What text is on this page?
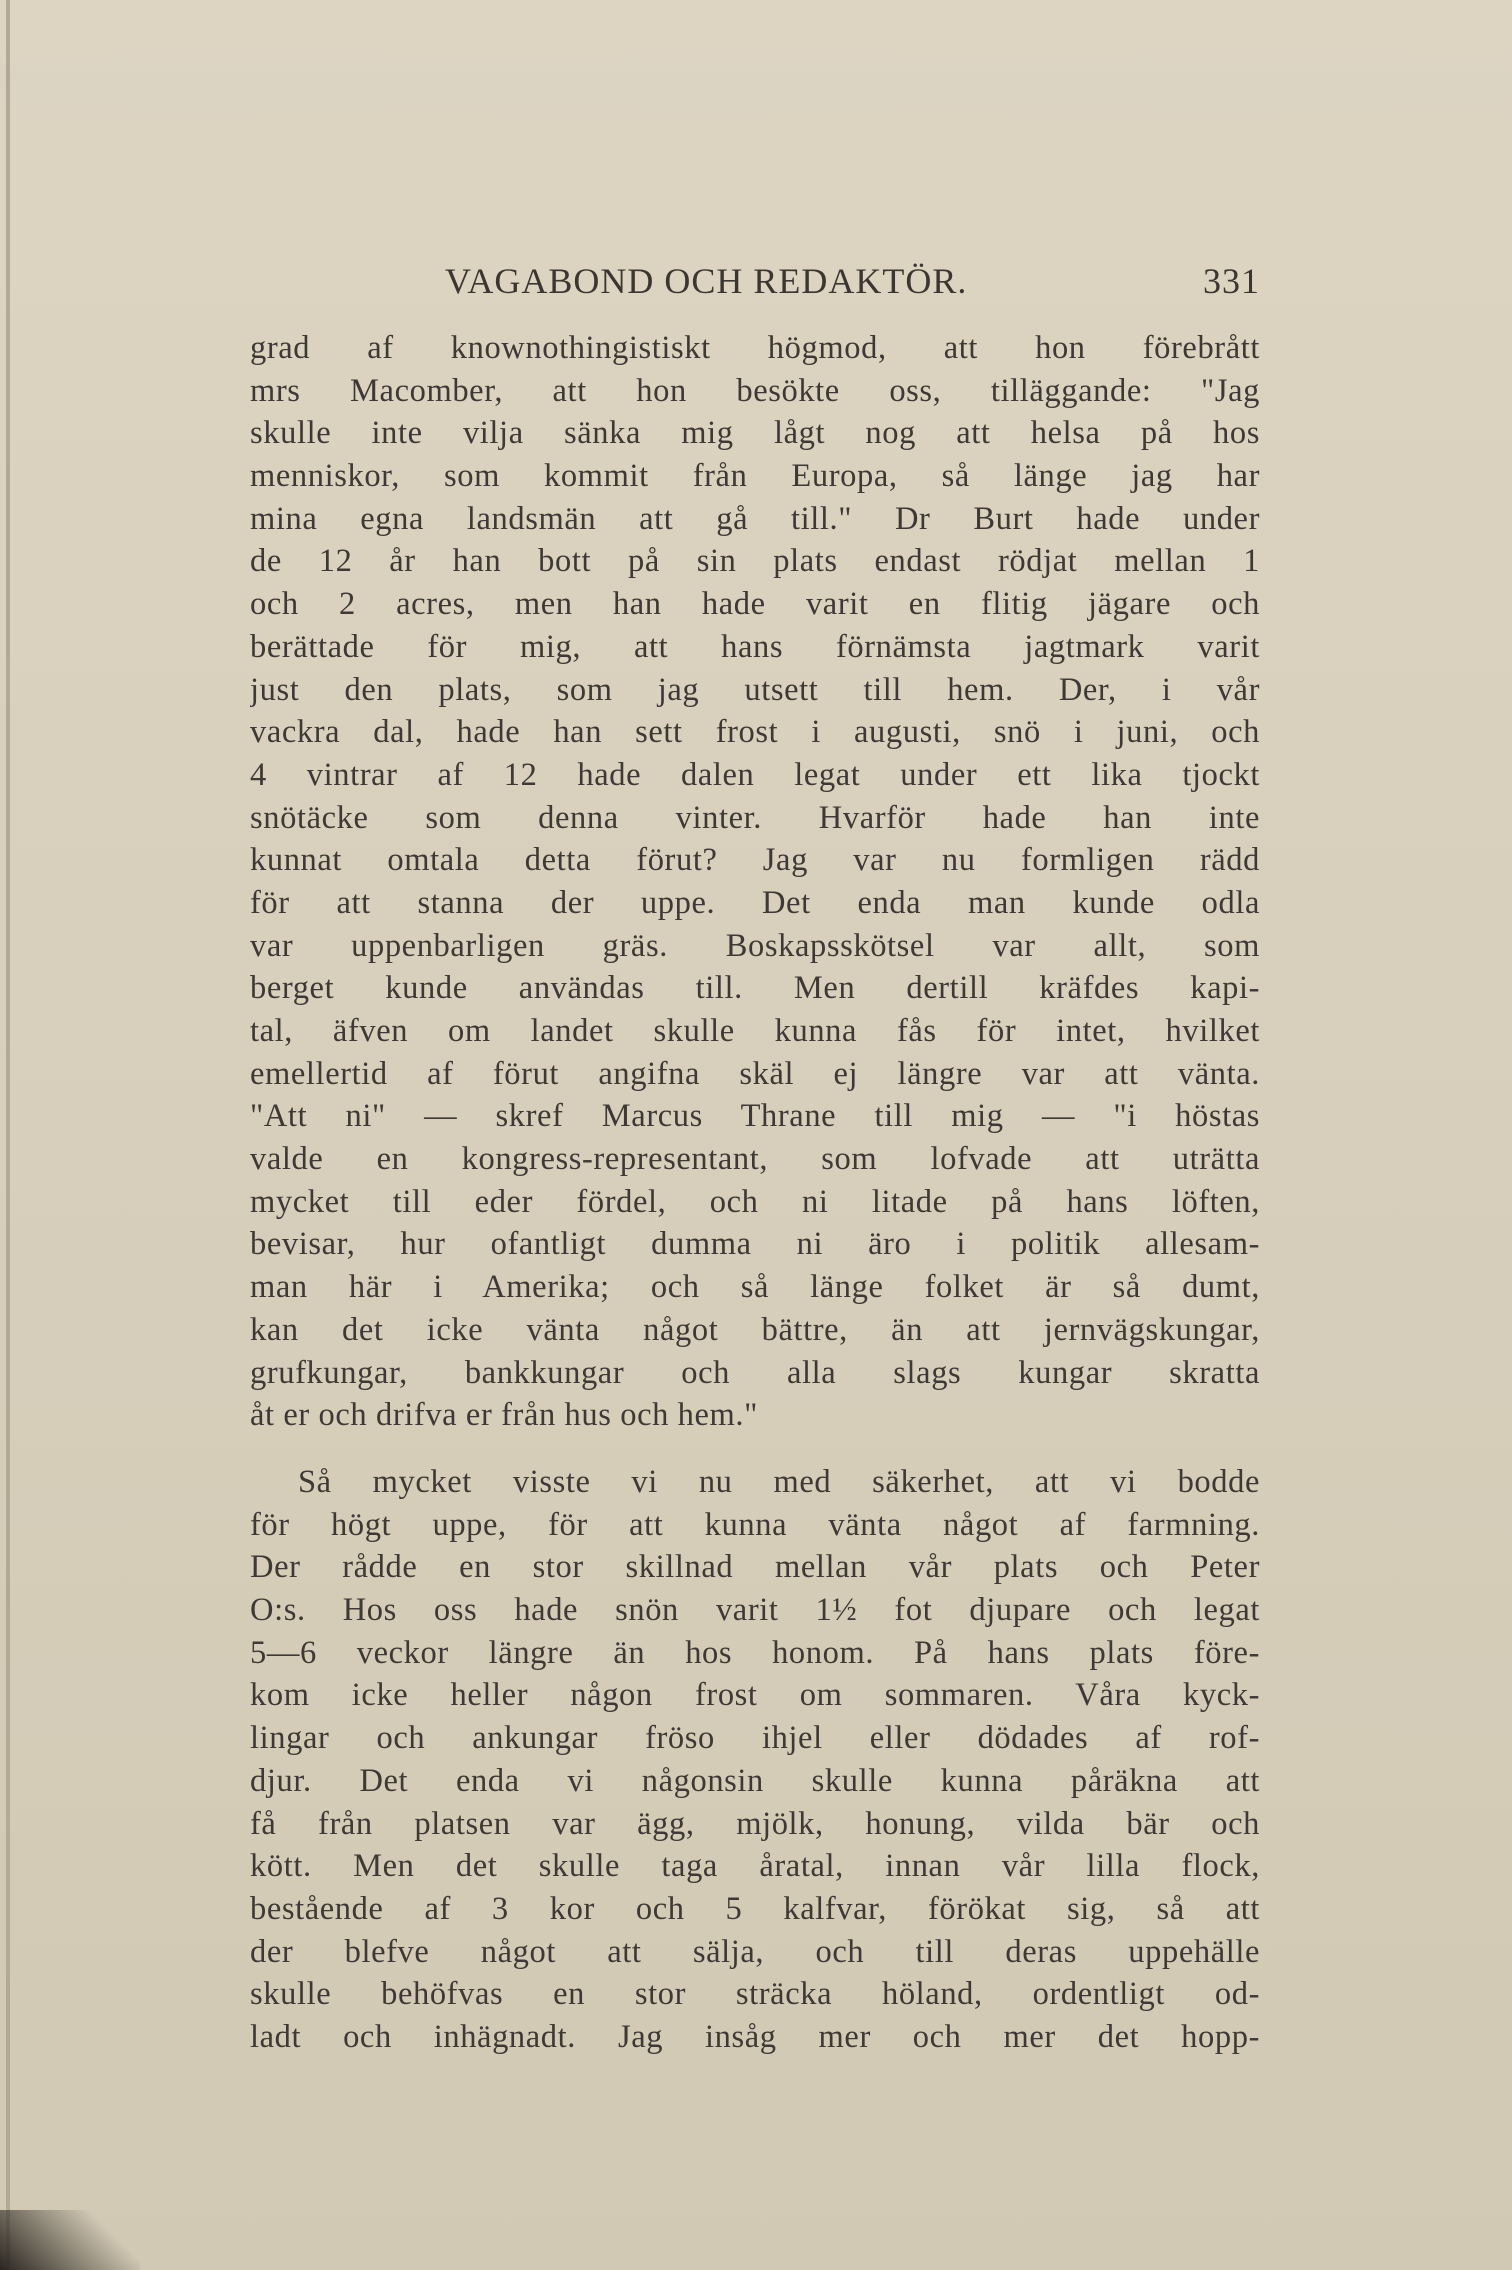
VAGABOND OCH REDAKTÖR.	331
grad af knownothingistiskt högmod, att hon förebrått
mrs Macomber, att hon besökte oss, tilläggande: "Jag
skulle inte vilja sänka mig lågt nog att helsa på hos
menniskor, som kommit från Europa, så länge jag har
mina egna landsmän att gå till." Dr Burt hade under
de 12 år han bott på sin plats endast rödjat mellan 1
och 2 acres, men han hade varit en flitig jägare och
berättade för mig, att hans förnämsta jagtmark varit
just den plats, som jag utsett till hem. Der, i vår
vackra dal, hade han sett frost i augusti, snö i juni, och
4 vintrar af 12 hade dalen legat under ett lika tjockt
snötäcke som denna vinter. Hvarför hade han inte
kunnat omtala detta förut? Jag var nu formligen rädd
för att stanna der uppe. Det enda man kunde odla
var uppenbarligen gräs. Boskapsskötsel var allt, som
berget kunde användas till. Men dertill kräfdes kapi-
tal, äfven om landet skulle kunna fås för intet, hvilket
emellertid af förut angifna skäl ej längre var att vänta.
"Att ni" — skref Marcus Thrane till mig — "i höstas
valde en kongress-representant, som lofvade att uträtta
mycket till eder fördel, och ni litade på hans löften,
bevisar, hur ofantligt dumma ni äro i politik allesam-
man här i Amerika; och så länge folket är så dumt,
kan det icke vänta något bättre, än att jernvägskungar,
grufkungar, bankkungar och alla slags kungar skratta
åt er och drifva er från hus och hem."
Så mycket visste vi nu med säkerhet, att vi bodde
för högt uppe, för att kunna vänta något af farmning.
Der rådde en stor skillnad mellan vår plats och Peter
O:s. Hos oss hade snön varit 1½ fot djupare och legat
5—6 veckor längre än hos honom. På hans plats före-
kom icke heller någon frost om sommaren. Våra kyck-
lingar och ankungar fröso ihjel eller dödades af rof-
djur. Det enda vi någonsin skulle kunna påräkna att
få från platsen var ägg, mjölk, honung, vilda bär och
kött. Men det skulle taga åratal, innan vår lilla flock,
bestående af 3 kor och 5 kalfvar, förökat sig, så att
der blefve något att sälja, och till deras uppehälle
skulle behöfvas en stor sträcka höland, ordentligt od-
ladt och inhägnadt. Jag insåg mer och mer det hopp-
